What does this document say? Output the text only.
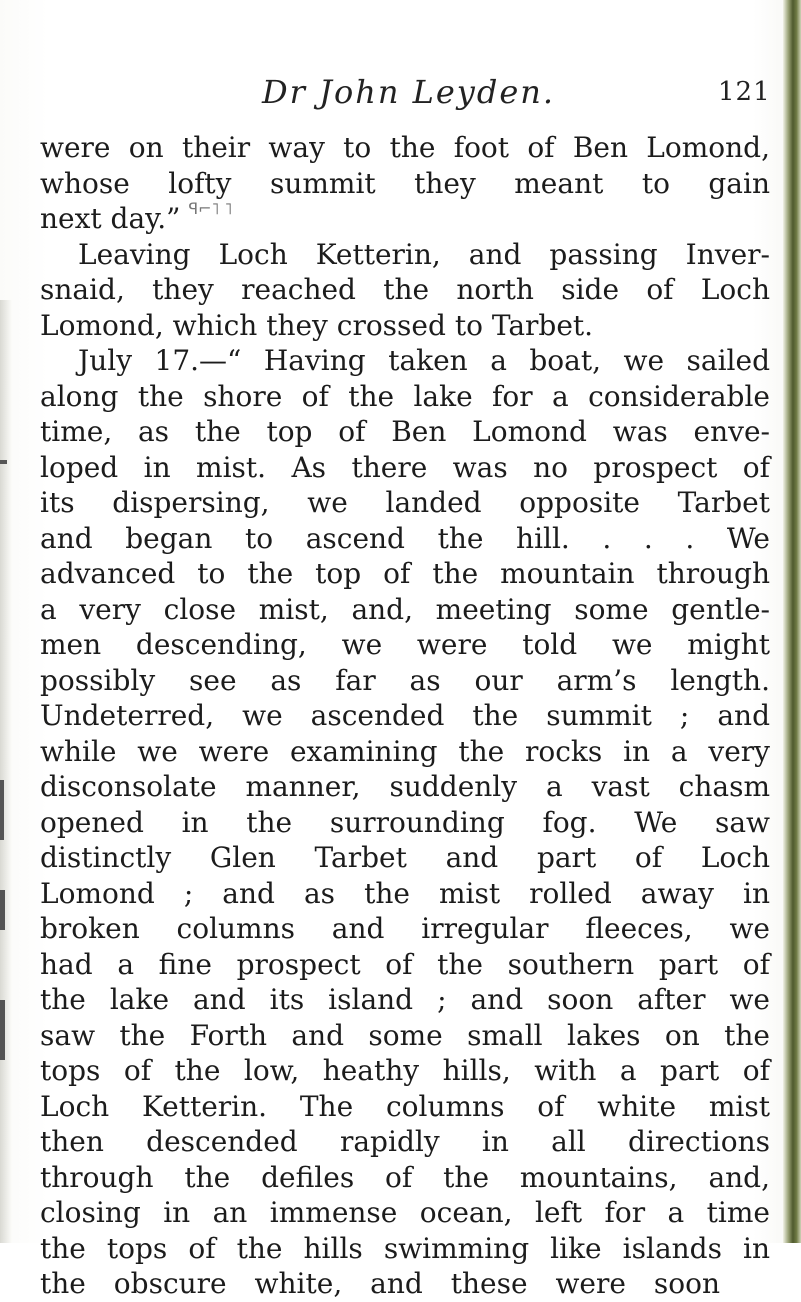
Dr John Leyden.	121
were on their way to the foot of Ben Lomond,
whose lofty summit they meant to gain
next day.” ꟼ⌐˥ ˥
Leaving Loch Ketterin, and passing Inver-
snaid, they reached the north side of Loch
Lomond, which they crossed to Tarbet.
July 17.—“ Having taken a boat, we sailed
along the shore of the lake for a considerable
time, as the top of Ben Lomond was enve-
loped in mist. As there was no prospect of
its dispersing, we landed opposite Tarbet
and began to ascend the hill. . . . We
advanced to the top of the mountain through
a very close mist, and, meeting some gentle-
men descending, we were told we might
possibly see as far as our arm’s length.
Undeterred, we ascended the summit ; and
while we were examining the rocks in a very
disconsolate manner, suddenly a vast chasm
opened in the surrounding fog. We saw
distinctly Glen Tarbet and part of Loch
Lomond ; and as the mist rolled away in
broken columns and irregular fleeces, we
had a fine prospect of the southern part of
the lake and its island ; and soon after we
saw the Forth and some small lakes on the
tops of the low, heathy hills, with a part of
Loch Ketterin. The columns of white mist
then descended rapidly in all directions
through the defiles of the mountains, and,
closing in an immense ocean, left for a time
the tops of the hills swimming like islands in
the obscure white, and these were soon
